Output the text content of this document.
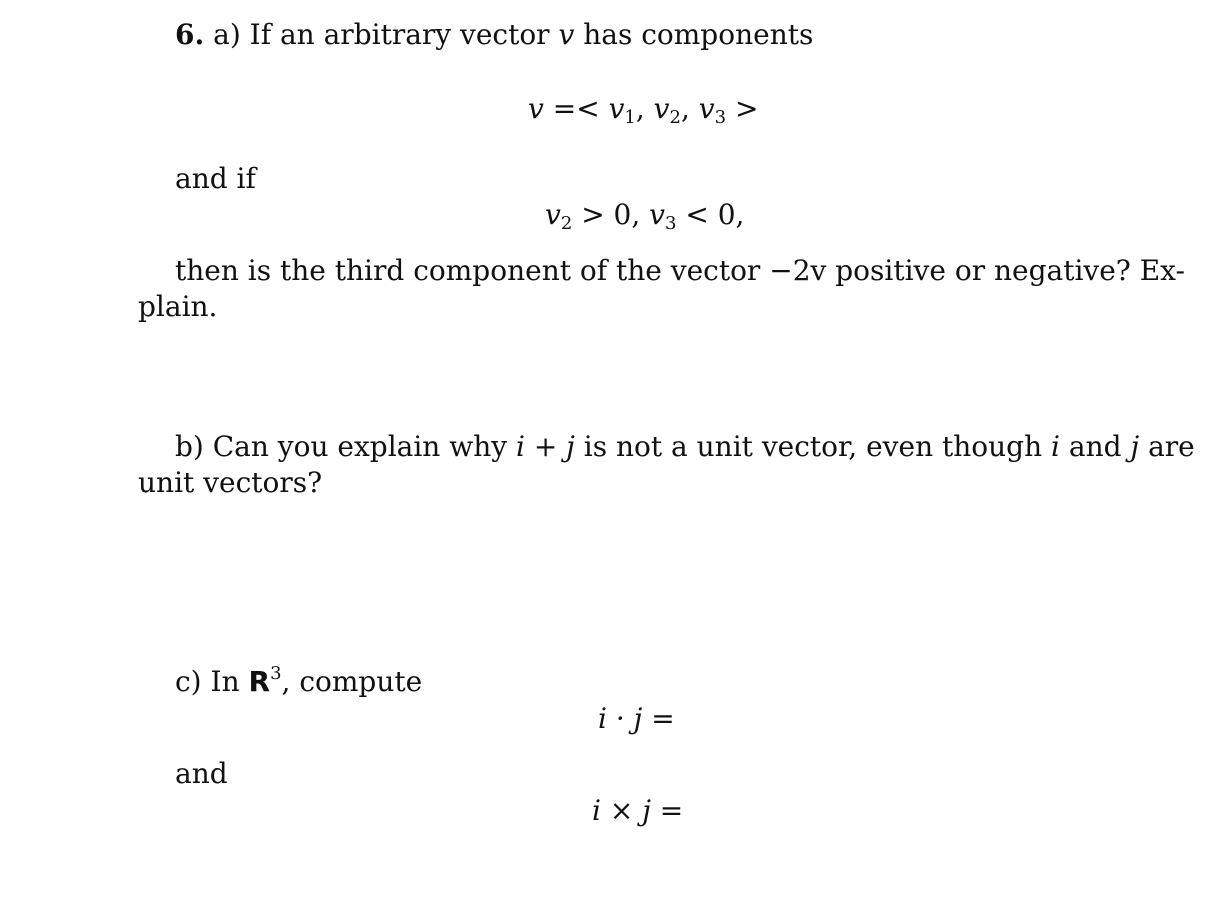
6. a) If an arbitrary vector v has components
$v =< v_1$, $v_2$, $v_3$ >
and if
$v_2 > 0$, $v_3 < 0$,
then is the third component of the vector −2v positive or negative? Ex-
plain.
b) Can you explain why i + j is not a unit vector, even though i and j are
unit vectors?
c) In $R^3$, compute
i · j =
and
i × j =
